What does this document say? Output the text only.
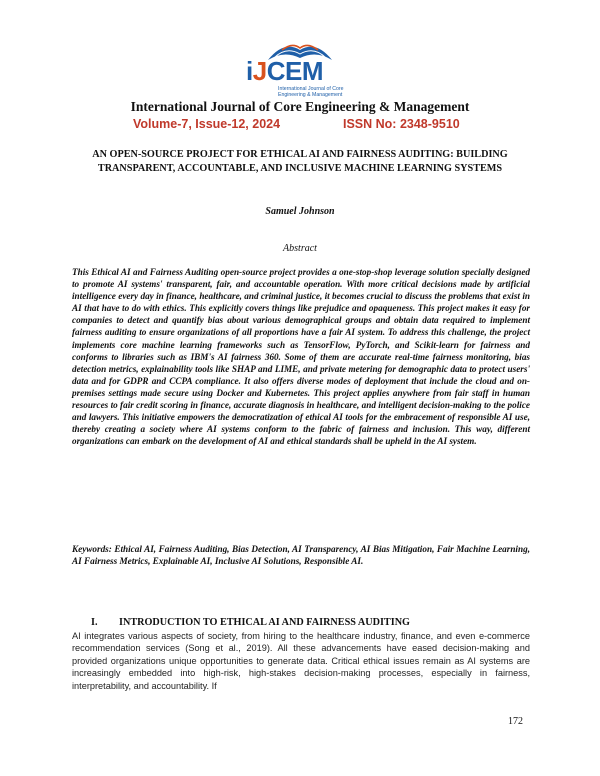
iJCEM
International Journal of Core Engineering & Management
International Journal of Core Engineering & Management
Volume-7, Issue-12, 2024	ISSN No: 2348-9510
AN OPEN-SOURCE PROJECT FOR ETHICAL AI AND FAIRNESS AUDITING: BUILDING TRANSPARENT, ACCOUNTABLE, AND INCLUSIVE MACHINE LEARNING SYSTEMS
Samuel Johnson
Abstract
This Ethical AI and Fairness Auditing open-source project provides a one-stop-shop leverage solution specially designed to promote AI systems' transparent, fair, and accountable operation. With more critical decisions made by artificial intelligence every day in finance, healthcare, and criminal justice, it becomes crucial to discuss the problems that exist in AI that have to do with ethics. This explicitly covers things like prejudice and opaqueness. This project makes it easy for companies to detect and quantify bias about various demographical groups and obtain data required to implement fairness auditing to ensure organizations of all proportions have a fair AI system. To address this challenge, the project implements core machine learning frameworks such as TensorFlow, PyTorch, and Scikit-learn for fairness and conforms to libraries such as IBM's AI fairness 360. Some of them are accurate real-time fairness monitoring, bias detection metrics, explainability tools like SHAP and LIME, and private metering for demographic data to protect users' data and for GDPR and CCPA compliance. It also offers diverse modes of deployment that include the cloud and on-premises settings made secure using Docker and Kubernetes. This project applies anywhere from fair staff in human resources to fair credit scoring in finance, accurate diagnosis in healthcare, and intelligent decision-making to the police and lawyers. This initiative empowers the democratization of ethical AI tools for the embracement of responsible AI use, thereby creating a society where AI systems conform to the fabric of fairness and inclusion. This way, different organizations can embark on the development of AI and ethical standards shall be upheld in the AI system.
Keywords: Ethical AI, Fairness Auditing, Bias Detection, AI Transparency, AI Bias Mitigation, Fair Machine Learning, AI Fairness Metrics, Explainable AI, Inclusive AI Solutions, Responsible AI.
I. INTRODUCTION TO ETHICAL AI AND FAIRNESS AUDITING
AI integrates various aspects of society, from hiring to the healthcare industry, finance, and even e-commerce recommendation services (Song et al., 2019). All these advancements have eased decision-making and provided organizations unique opportunities to generate data. Critical ethical issues remain as AI systems are increasingly embedded into high-risk, high-stakes decision-making processes, especially in fairness, interpretability, and accountability. If
172
